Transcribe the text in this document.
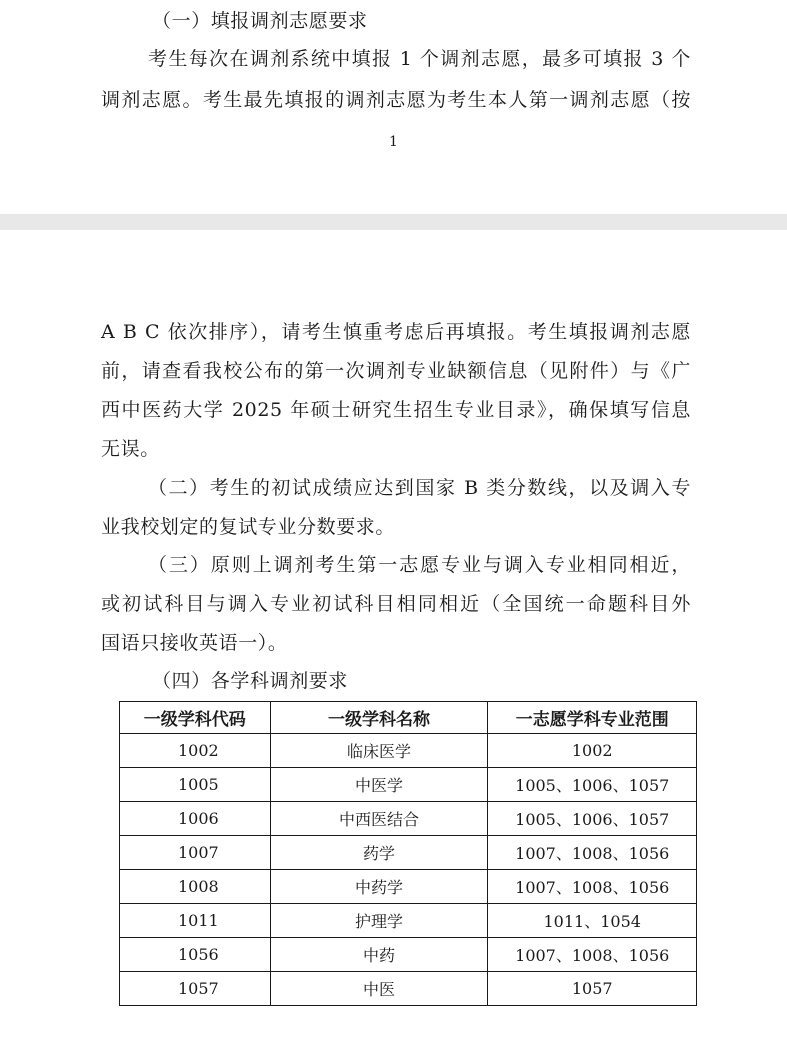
（一）填报调剂志愿要求
考生每次在调剂系统中填报 1 个调剂志愿，最多可填报 3 个
调剂志愿。考生最先填报的调剂志愿为考生本人第一调剂志愿（按
1
A B C 依次排序），请考生慎重考虑后再填报。考生填报调剂志愿
前，请查看我校公布的第一次调剂专业缺额信息（见附件）与《广
西中医药大学 2025 年硕士研究生招生专业目录》，确保填写信息
无误。
（二）考生的初试成绩应达到国家 B 类分数线，以及调入专
业我校划定的复试专业分数要求。
（三）原则上调剂考生第一志愿专业与调入专业相同相近，
或初试科目与调入专业初试科目相同相近（全国统一命题科目外
国语只接收英语一）。
（四）各学科调剂要求
一级学科代码	一级学科名称	一志愿学科专业范围
1002	临床医学	1002
1005	中医学	1005、1006、1057
1006	中西医结合	1005、1006、1057
1007	药学	1007、1008、1056
1008	中药学	1007、1008、1056
1011	护理学	1011、1054
1056	中药	1007、1008、1056
1057	中医	1057
